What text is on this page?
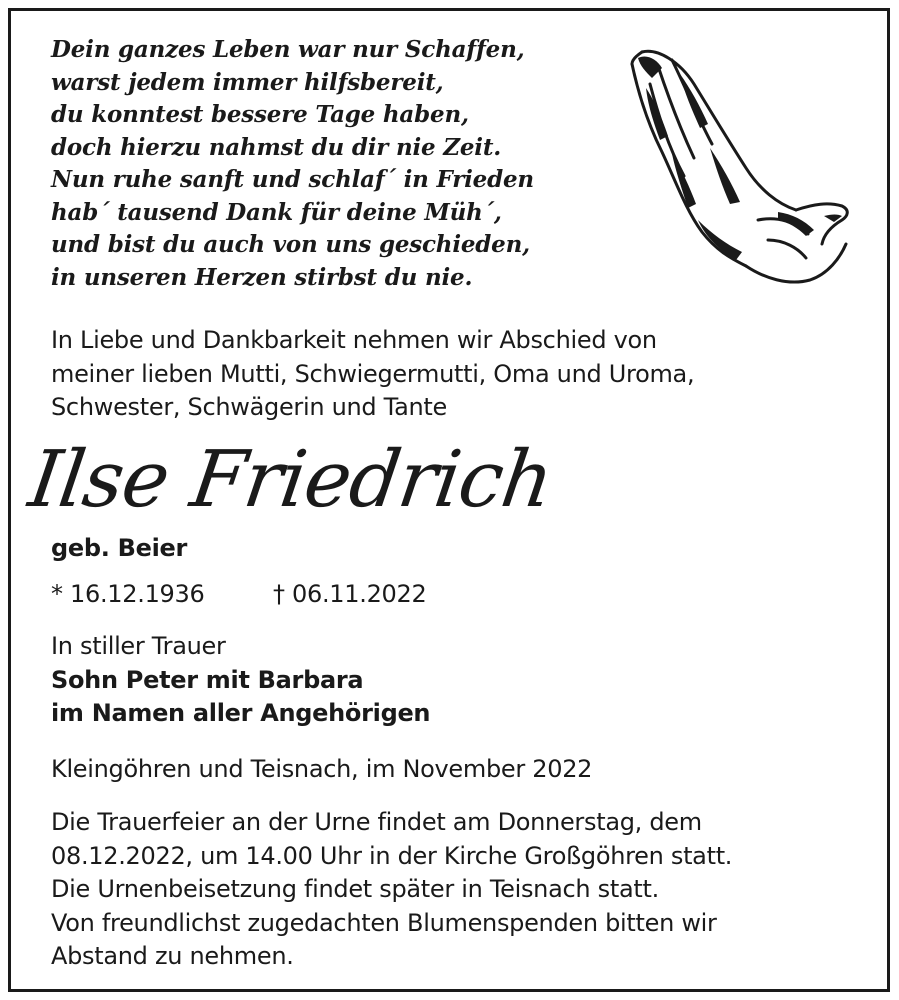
Dein ganzes Leben war nur Schaffen,
warst jedem immer hilfsbereit,
du konntest bessere Tage haben,
doch hierzu nahmst du dir nie Zeit.
Nun ruhe sanft und schlaf´ in Frieden
hab´ tausend Dank für deine Müh´,
und bist du auch von uns geschieden,
in unseren Herzen stirbst du nie.
In Liebe und Dankbarkeit nehmen wir Abschied von
meiner lieben Mutti, Schwiegermutti, Oma und Uroma,
Schwester, Schwägerin und Tante
Ilse Friedrich
geb. Beier
* 16.12.1936	† 06.11.2022
In stiller Trauer
Sohn Peter mit Barbara
im Namen aller Angehörigen
Kleingöhren und Teisnach, im November 2022
Die Trauerfeier an der Urne findet am Donnerstag, dem
08.12.2022, um 14.00 Uhr in der Kirche Großgöhren statt.
Die Urnenbeisetzung findet später in Teisnach statt.
Von freundlichst zugedachten Blumenspenden bitten wir
Abstand zu nehmen.
